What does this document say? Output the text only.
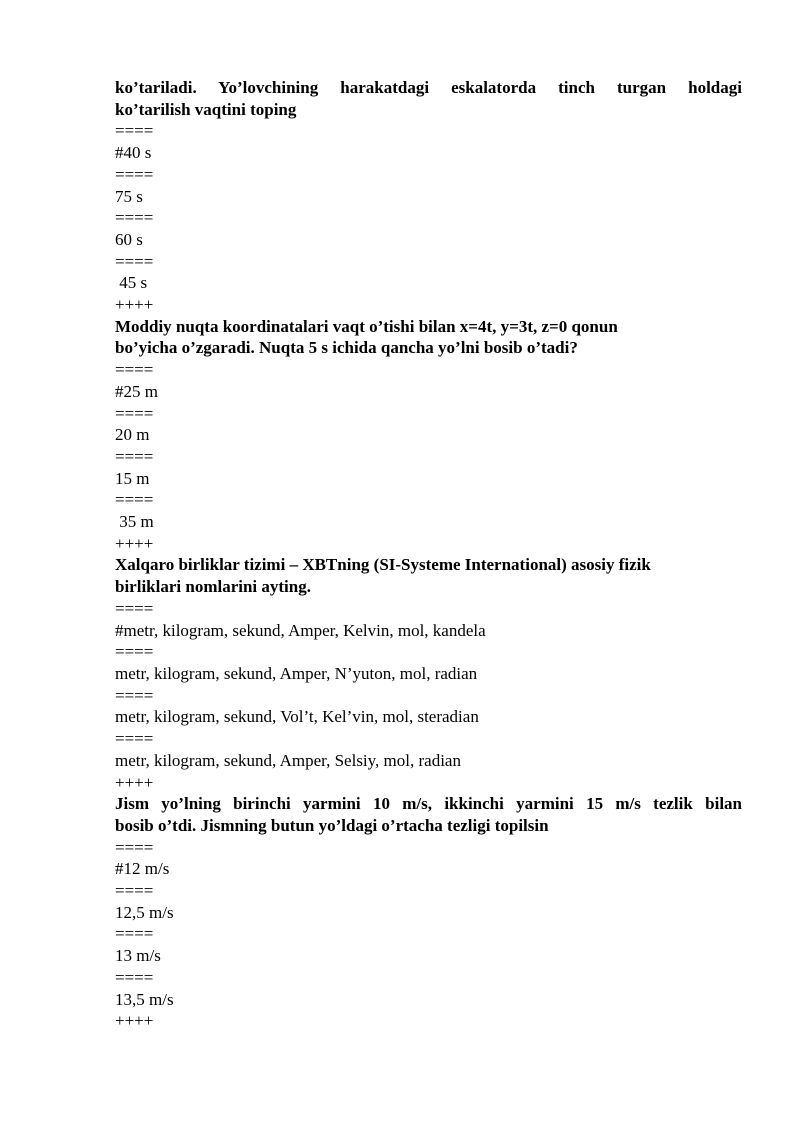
ko’tariladi. Yo’lovchining harakatdagi eskalatorda tinch turgan holdagi
ko’tarilish vaqtini toping
====
#40 s
====
75 s
====
60 s
====
45 s
++++
Moddiy nuqta koordinatalari vaqt o’tishi bilan x=4t, y=3t, z=0 qonun
bo’yicha o’zgaradi. Nuqta 5 s ichida qancha yo’lni bosib o’tadi?
====
#25 m
====
20 m
====
15 m
====
35 m
++++
Xalqaro birliklar tizimi – XBTning (SI-Systeme International) asosiy fizik
birliklari nomlarini ayting.
====
#metr, kilogram, sekund, Amper, Kelvin, mol, kandela
====
metr, kilogram, sekund, Amper, N’yuton, mol, radian
====
metr, kilogram, sekund, Vol’t, Kel’vin, mol, steradian
====
metr, kilogram, sekund, Amper, Selsiy, mol, radian
++++
Jism yo’lning birinchi yarmini 10 m/s, ikkinchi yarmini 15 m/s tezlik bilan
bosib o’tdi. Jismning butun yo’ldagi o’rtacha tezligi topilsin
====
#12 m/s
====
12,5 m/s
====
13 m/s
====
13,5 m/s
++++
